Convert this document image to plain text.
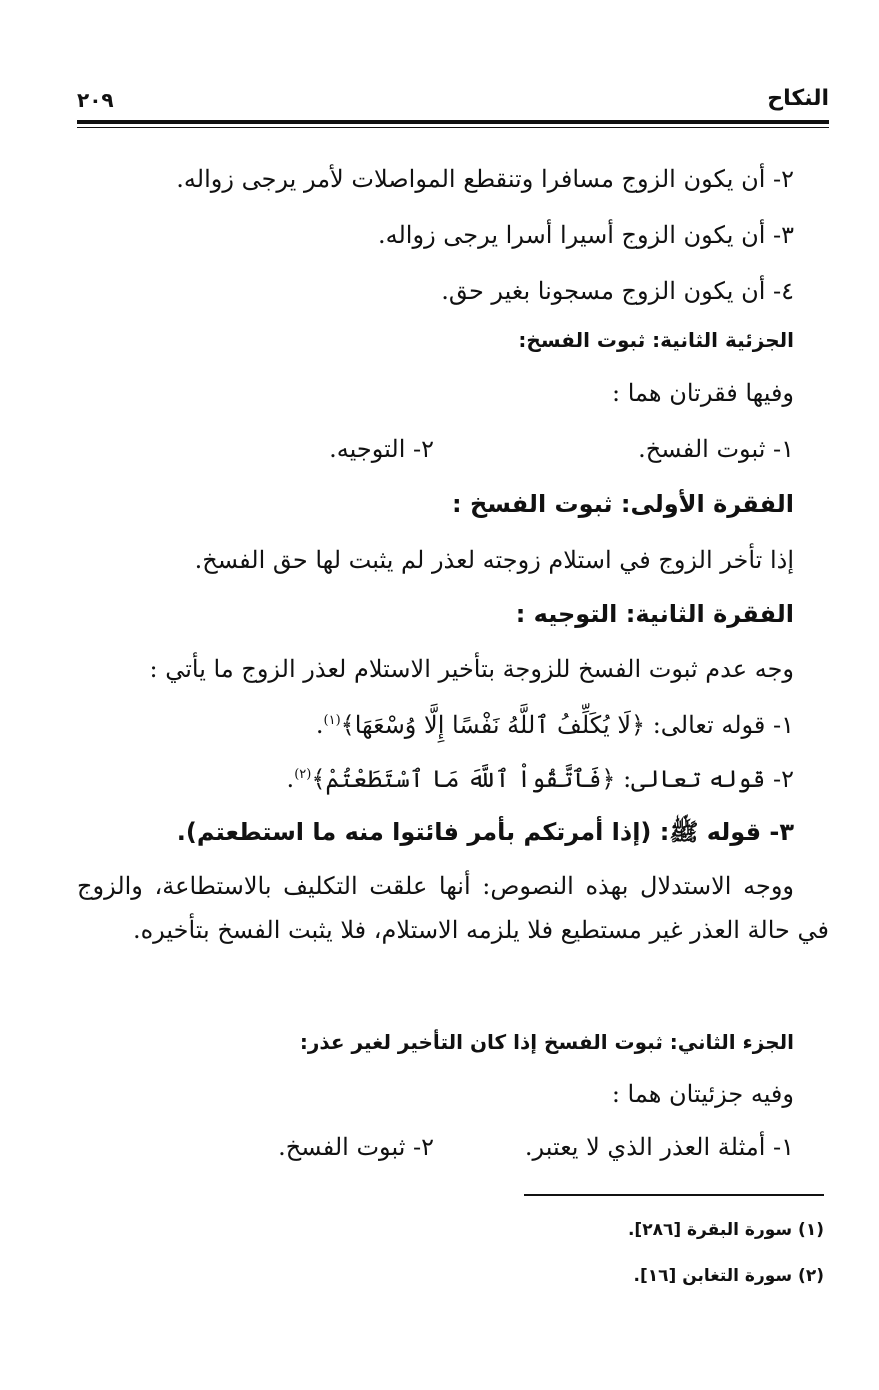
النكاح
٢٠٩
٢- أن يكون الزوج مسافرا وتنقطع المواصلات لأمر يرجى زواله.
٣- أن يكون الزوج أسيرا أسرا يرجى زواله.
٤- أن يكون الزوج مسجونا بغير حق.
الجزئية الثانية: ثبوت الفسخ:
وفيها فقرتان هما :
١- ثبوت الفسخ.
٢- التوجيه.
الفقرة الأولى: ثبوت الفسخ :
إذا تأخر الزوج في استلام زوجته لعذر لم يثبت لها حق الفسخ.
الفقرة الثانية: التوجيه :
وجه عدم ثبوت الفسخ للزوجة بتأخير الاستلام لعذر الزوج ما يأتي :
١- قوله تعالى: ﴿لَا يُكَلِّفُ ٱللَّهُ نَفْسًا إِلَّا وُسْعَهَا﴾$^{(١)}$.
٢- قوله تعالى: ﴿فَٱتَّقُواْ ٱللَّهَ مَا ٱسْتَطَعْتُمْ﴾$^{(٢)}$.
٣- قوله ﷺ: (إذا أمرتكم بأمر فائتوا منه ما استطعتم).
ووجه الاستدلال بهذه النصوص: أنها علقت التكليف بالاستطاعة، والزوج في حالة العذر غير مستطيع فلا يلزمه الاستلام، فلا يثبت الفسخ بتأخيره.
الجزء الثاني: ثبوت الفسخ إذا كان التأخير لغير عذر:
وفيه جزئيتان هما :
١- أمثلة العذر الذي لا يعتبر.
٢- ثبوت الفسخ.
(١) سورة البقرة [٢٨٦].
(٢) سورة التغابن [١٦].
